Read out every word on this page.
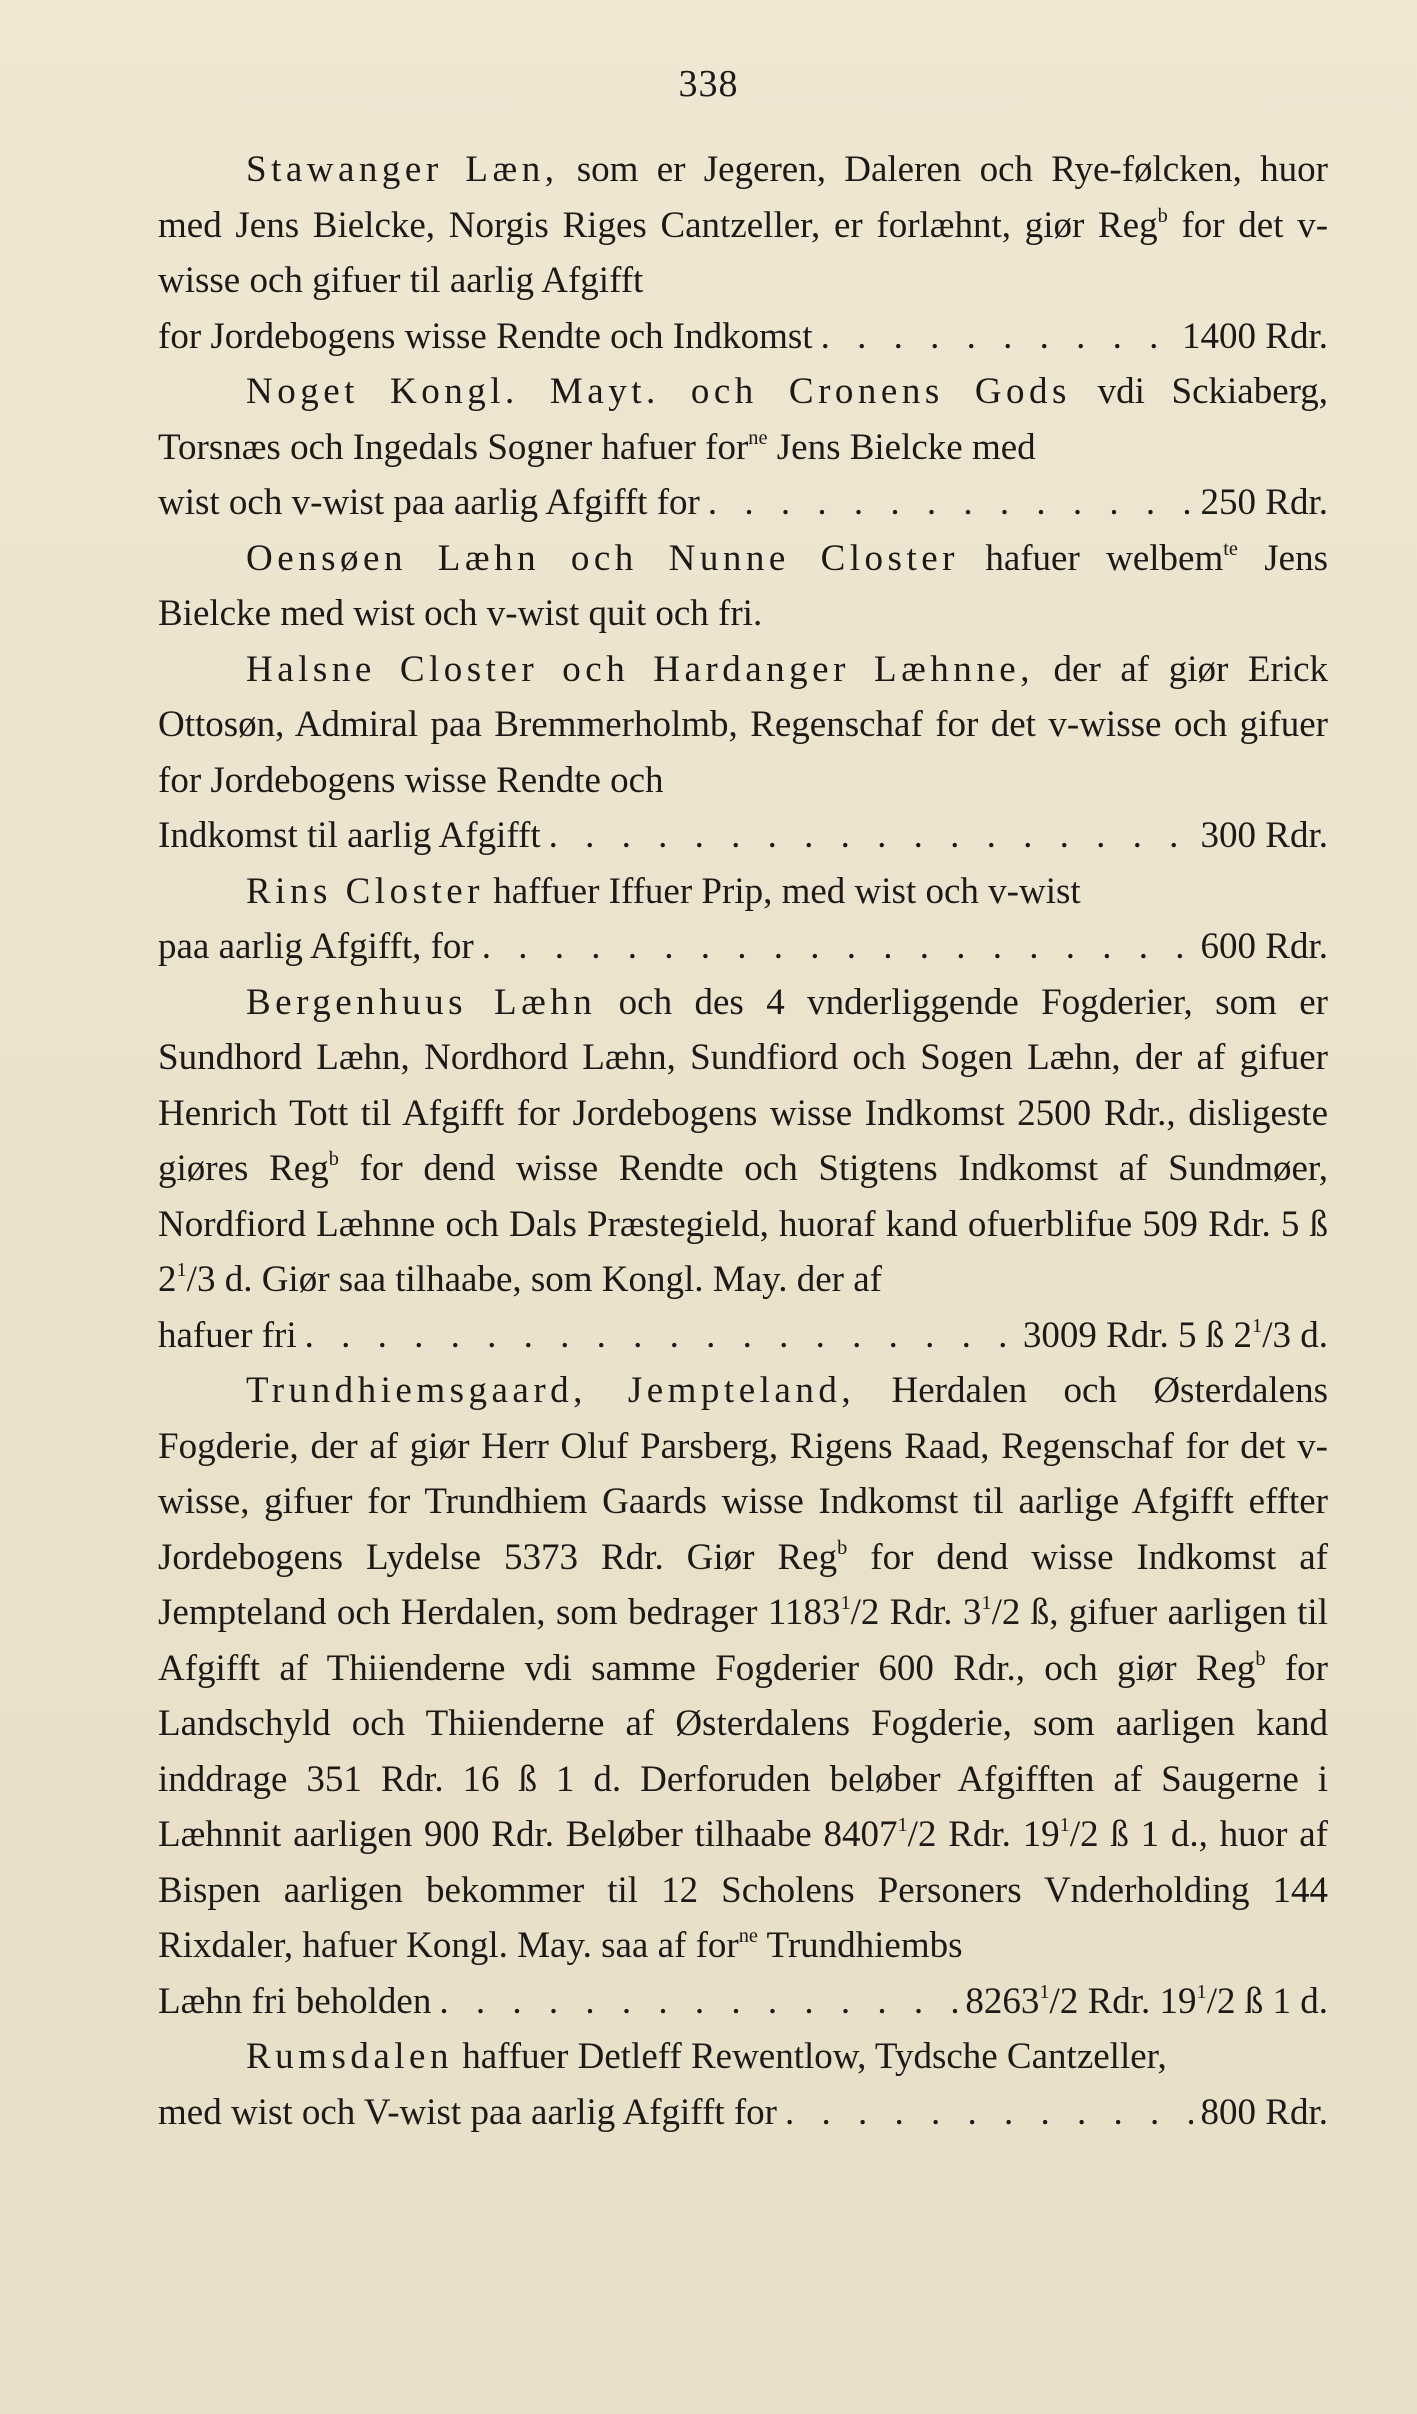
338

Stawanger Læn, som er Jegeren, Daleren och Rye-følcken, huor med Jens Bielcke, Norgis Riges Cantzeller, er forlæhnt, giør Reg$^b$ for det v-wisse och gifuer til aarlig Afgifft

for Jordebogens wisse Rendte och Indkomst . . .	1400 Rdr.

Noget Kongl. Mayt. och Cronens Gods vdi Sckiaberg, Torsnæs och Ingedals Sogner hafuer for$^{ne}$ Jens Bielcke med

wist och v-wist paa aarlig Afgifft for . . .	250 Rdr.

Oensøen Læhn och Nunne Closter hafuer welbem$^{te}$ Jens Bielcke med wist och v-wist quit och fri.

Halsne Closter och Hardanger Læhnne, der af giør Erick Ottosøn, Admiral paa Bremmerholmb, Regenschaf for det v-wisse och gifuer for Jordebogens wisse Rendte och

Indkomst til aarlig Afgifft . . .	300 Rdr.

Rins Closter haffuer Iffuer Prip, med wist och v-wist

paa aarlig Afgifft, for . . .	600 Rdr.

Bergenhuus Læhn och des 4 vnderliggende Fogderier, som er Sundhord Læhn, Nordhord Læhn, Sundfiord och Sogen Læhn, der af gifuer Henrich Tott til Afgifft for Jordebogens wisse Indkomst 2500 Rdr., disligeste giøres Reg$^b$ for dend wisse Rendte och Stigtens Indkomst af Sundmøer, Nordfiord Læhnne och Dals Præstegield, huoraf kand ofuerblifue 509 Rdr. 5 ß $2^1/3$ d. Giør saa tilhaabe, som Kongl. May. der af

hafuer fri . . .	3009 Rdr. 5 ß $2^1/3$ d.

Trundhiemsgaard, Jempteland, Herdalen och Østerdalens Fogderie, der af giør Herr Oluf Parsberg, Rigens Raad, Regenschaf for det v-wisse, gifuer for Trundhiem Gaards wisse Indkomst til aarlige Afgifft effter Jordebogens Lydelse 5373 Rdr. Giør Reg$^b$ for dend wisse Indkomst af Jempteland och Herdalen, som bedrager 1183$^1$/2 Rdr. $3^1/2$ ß, gifuer aarligen til Afgifft af Thiienderne vdi samme Fogderier 600 Rdr., och giør Reg$^b$ for Landschyld och Thiienderne af Østerdalens Fogderie, som aarligen kand inddrage 351 Rdr. 16 ß 1 d. Derforuden beløber Afgifften af Saugerne i Læhnnit aarligen 900 Rdr. Beløber tilhaabe 8407$^1$/2 Rdr. $19^1/2$ ß 1 d., huor af Bispen aarligen bekommer til 12 Scholens Personers Vnderholding 144 Rixdaler, hafuer Kongl. May. saa af for$^{ne}$ Trundhiembs

Læhn fri beholden . . .	8263$^1$/2 Rdr. $19^1/2$ ß 1 d.

Rumsdalen haffuer Detleff Rewentlow, Tydsche Cantzeller,

med wist och V-wist paa aarlig Afgifft for . . .	800 Rdr.
